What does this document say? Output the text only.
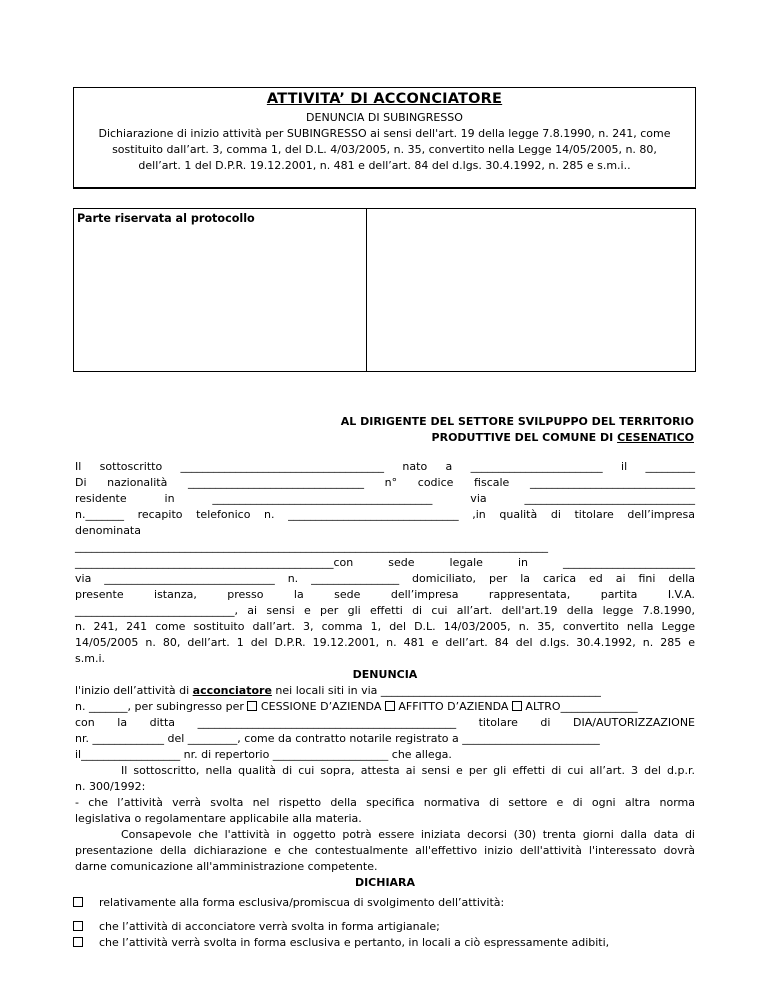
ATTIVITA’ DI ACCONCIATORE
DENUNCIA DI SUBINGRESSO
Dichiarazione di inizio attività per SUBINGRESSO ai sensi dell'art. 19 della legge 7.8.1990, n. 241, come
sostituito dall’art. 3, comma 1, del D.L. 4/03/2005, n. 35, convertito nella Legge 14/05/2005, n. 80,
dell’art. 1 del D.P.R. 19.12.2001, n. 481 e dell’art. 84 del d.lgs. 30.4.1992, n. 285 e s.m.i..
Parte riservata al protocollo
AL DIRIGENTE DEL SETTORE SVILPUPPO DEL TERRITORIO
PRODUTTIVE DEL COMUNE DI CESENATICO
Il sottoscritto _____________________________________ nato a ________________________ il _________
Di nazionalità ________________________________ n° codice fiscale ______________________________
residente in ________________________________________ via _______________________________
n._______ recapito telefonico n. _______________________________ ,in qualità di titolare dell’impresa
denominata
______________________________________________________________________________________
_______________________________________________con sede legale in ________________________
via _______________________________ n. ________________ domiciliato, per la carica ed ai fini della
presente istanza, presso la sede dell’impresa rappresentata, partita I.V.A.
_____________________________, ai sensi e per gli effetti di cui all’art. dell'art.19 della legge 7.8.1990,
n. 241, 241 come sostituito dall’art. 3, comma 1, del D.L. 14/03/2005, n. 35, convertito nella Legge
14/05/2005 n. 80, dell’art. 1 del D.P.R. 19.12.2001, n. 481 e dell’art. 84 del d.lgs. 30.4.1992, n. 285 e
s.m.i.
DENUNCIA
l'inizio dell’attività di acconciatore nei locali siti in via ________________________________________
n. _______, per subingresso per  CESSIONE D’AZIENDA  AFFITTO D’AZIENDA  ALTRO______________
con la ditta _______________________________________________ titolare di DIA/AUTORIZZAZIONE
nr. _____________ del _________, come da contratto notarile registrato a _________________________
il__________________ nr. di repertorio _____________________ che allega.
Il sottoscritto, nella qualità di cui sopra, attesta ai sensi e per gli effetti di cui all’art. 3 del d.p.r.
n. 300/1992:
- che l’attività verrà svolta nel rispetto della specifica normativa di settore e di ogni altra norma
legislativa o regolamentare applicabile alla materia.
Consapevole che l'attività in oggetto potrà essere iniziata decorsi (30) trenta giorni dalla data di
presentazione della dichiarazione e che contestualmente all'effettivo inizio dell'attività l'interessato dovrà
darne comunicazione all'amministrazione competente.
DICHIARA
relativamente alla forma esclusiva/promiscua di svolgimento dell’attività:
che l’attività di acconciatore verrà svolta in forma artigianale;
che l’attività verrà svolta in forma esclusiva e pertanto, in locali a ciò espressamente adibiti,
